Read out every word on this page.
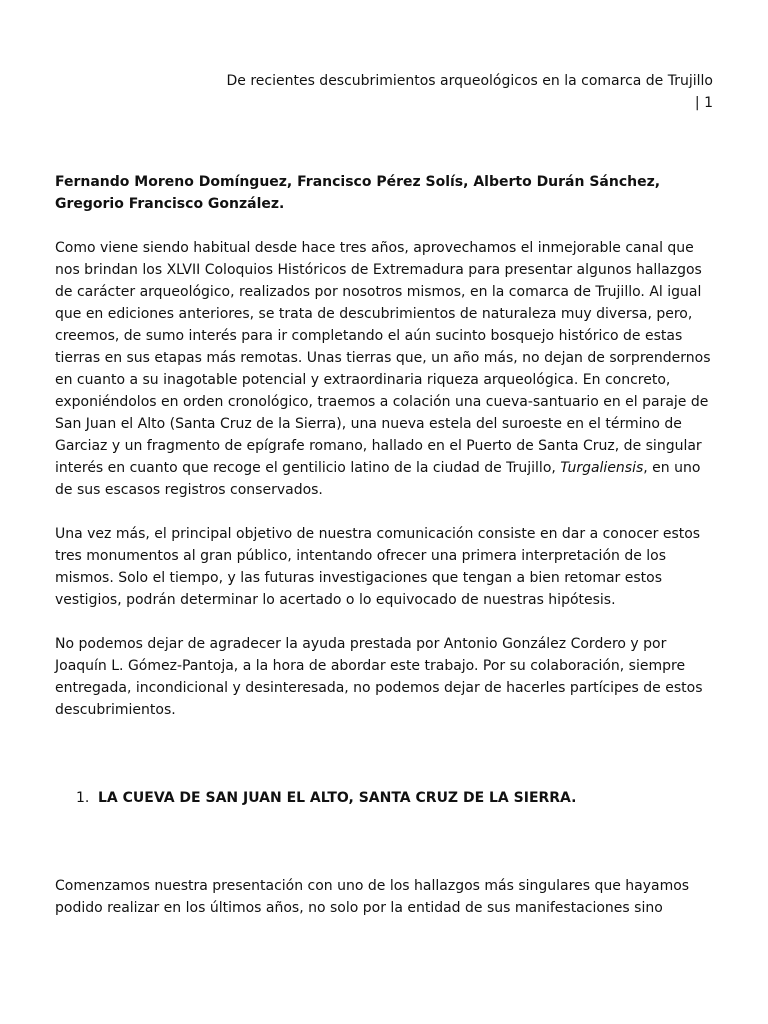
De recientes descubrimientos arqueológicos en la comarca de Trujillo
| 1

Fernando Moreno Domínguez, Francisco Pérez Solís, Alberto Durán Sánchez, Gregorio Francisco González.

Como viene siendo habitual desde hace tres años, aprovechamos el inmejorable canal que nos brindan los XLVII Coloquios Históricos de Extremadura para presentar algunos hallazgos de carácter arqueológico, realizados por nosotros mismos, en la comarca de Trujillo. Al igual que en ediciones anteriores, se trata de descubrimientos de naturaleza muy diversa, pero, creemos, de sumo interés para ir completando el aún sucinto bosquejo histórico de estas tierras en sus etapas más remotas. Unas tierras que, un año más, no dejan de sorprendernos en cuanto a su inagotable potencial y extraordinaria riqueza arqueológica. En concreto, exponiéndolos en orden cronológico, traemos a colación una cueva-santuario en el paraje de San Juan el Alto (Santa Cruz de la Sierra), una nueva estela del suroeste en el término de Garciaz y un fragmento de epígrafe romano, hallado en el Puerto de Santa Cruz, de singular interés en cuanto que recoge el gentilicio latino de la ciudad de Trujillo, Turgaliensis, en uno de sus escasos registros conservados.

Una vez más, el principal objetivo de nuestra comunicación consiste en dar a conocer estos tres monumentos al gran público, intentando ofrecer una primera interpretación de los mismos. Solo el tiempo, y las futuras investigaciones que tengan a bien retomar estos vestigios, podrán determinar lo acertado o lo equivocado de nuestras hipótesis.

No podemos dejar de agradecer la ayuda prestada por Antonio González Cordero y por Joaquín L. Gómez-Pantoja, a la hora de abordar este trabajo. Por su colaboración, siempre entregada, incondicional y desinteresada, no podemos dejar de hacerles partícipes de estos descubrimientos.

1. LA CUEVA DE SAN JUAN EL ALTO, SANTA CRUZ DE LA SIERRA.

Comenzamos nuestra presentación con uno de los hallazgos más singulares que hayamos podido realizar en los últimos años, no solo por la entidad de sus manifestaciones sino
